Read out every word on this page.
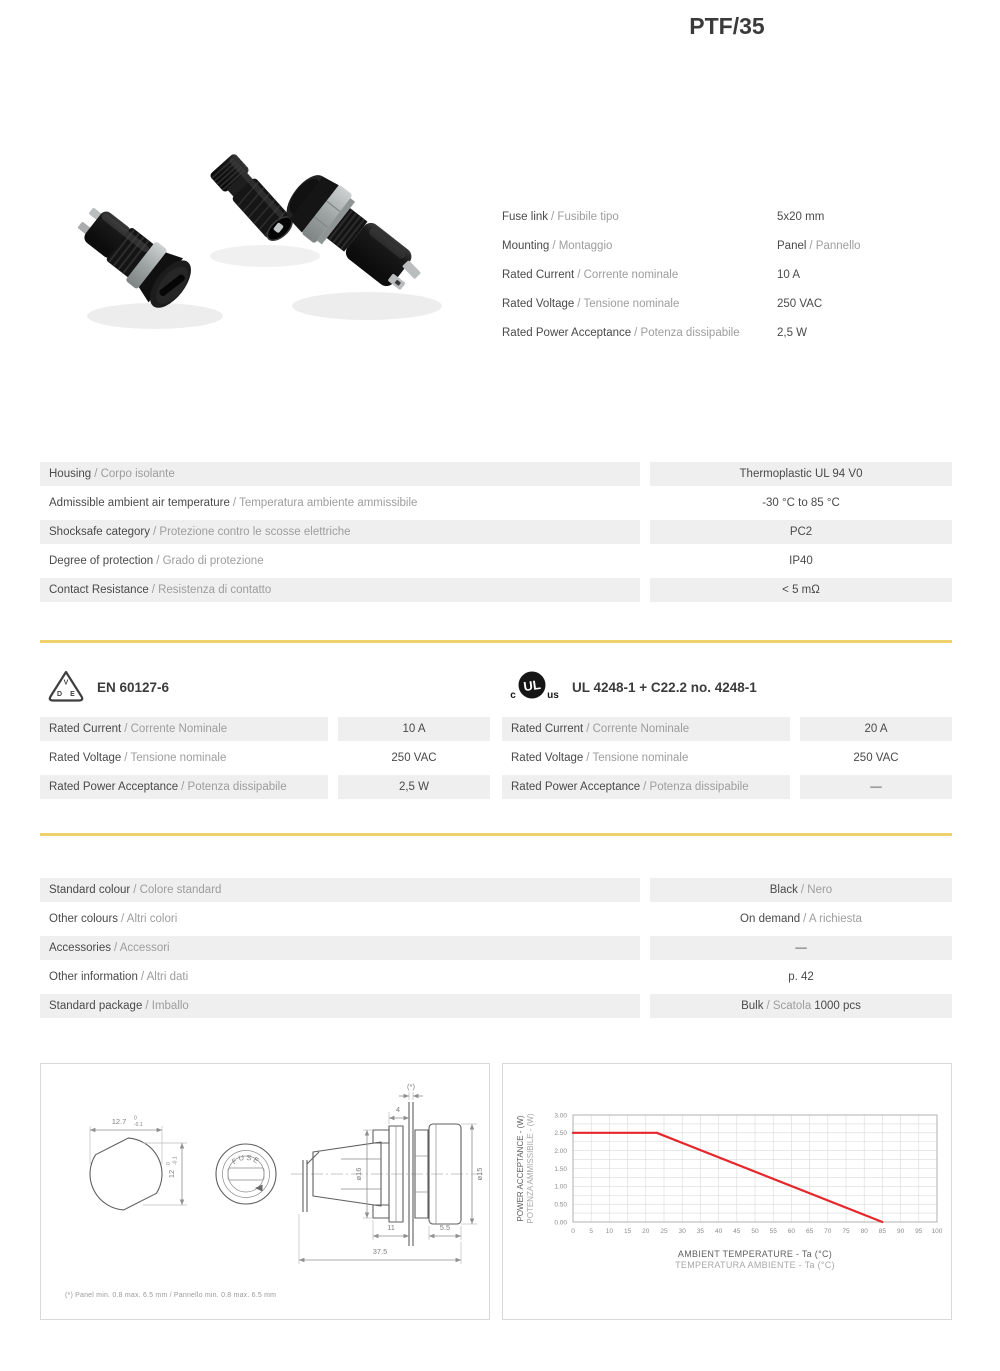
PTF/35
Fuse link / Fusibile tipo	5x20 mm
Mounting / Montaggio	Panel / Pannello
Rated Current / Corrente nominale	10 A
Rated Voltage / Tensione nominale	250 VAC
Rated Power Acceptance / Potenza dissipabile	2,5 W
Housing / Corpo isolante	Thermoplastic UL 94 V0
Admissible ambient air temperature / Temperatura ambiente ammissibile	-30 °C to 85 °C
Shocksafe category / Protezione contro le scosse elettriche	PC2
Degree of protection / Grado di protezione	IP40
Contact Resistance / Resistenza di contatto	< 5 mΩ
V
D E EN 60127-6
c
UL
us
UL 4248-1 + C22.2 no. 4248-1
Rated Current / Corrente Nominale	10 A
Rated Voltage / Tensione nominale	250 VAC
Rated Power Acceptance / Potenza dissipabile	2,5 W
Rated Current / Corrente Nominale	20 A
Rated Voltage / Tensione nominale	250 VAC
Rated Power Acceptance / Potenza dissipabile	—
Standard colour / Colore standard	Black / Nero
Other colours / Altri colori	On demand / A richiesta
Accessories / Accessori	—
Other information / Altri dati	p. 42
Standard package / Imballo	Bulk / Scatola 1000 pcs
12.7 0
-0.1
12
0 -0.1	FUSE
(*)
4
ø16	ø15
11	5.5
37.5
(*) Panel min. 0.8 max. 6.5 mm / Pannello min. 0.8 max. 6.5 mm
0 5 10 15 20 25 30 35 40 45 50 55 60 65 70 75 80 85 90 95 100
0.00
0.50
1.00
1.50
2.00
2.50
3.00
AMBIENT TEMPERATURE - Ta (°C)
TEMPERATURA AMBIENTE - Ta (°C)
POWER ACCEPTANCE - (W) POTENZA AMMISSIBILE - (W)
